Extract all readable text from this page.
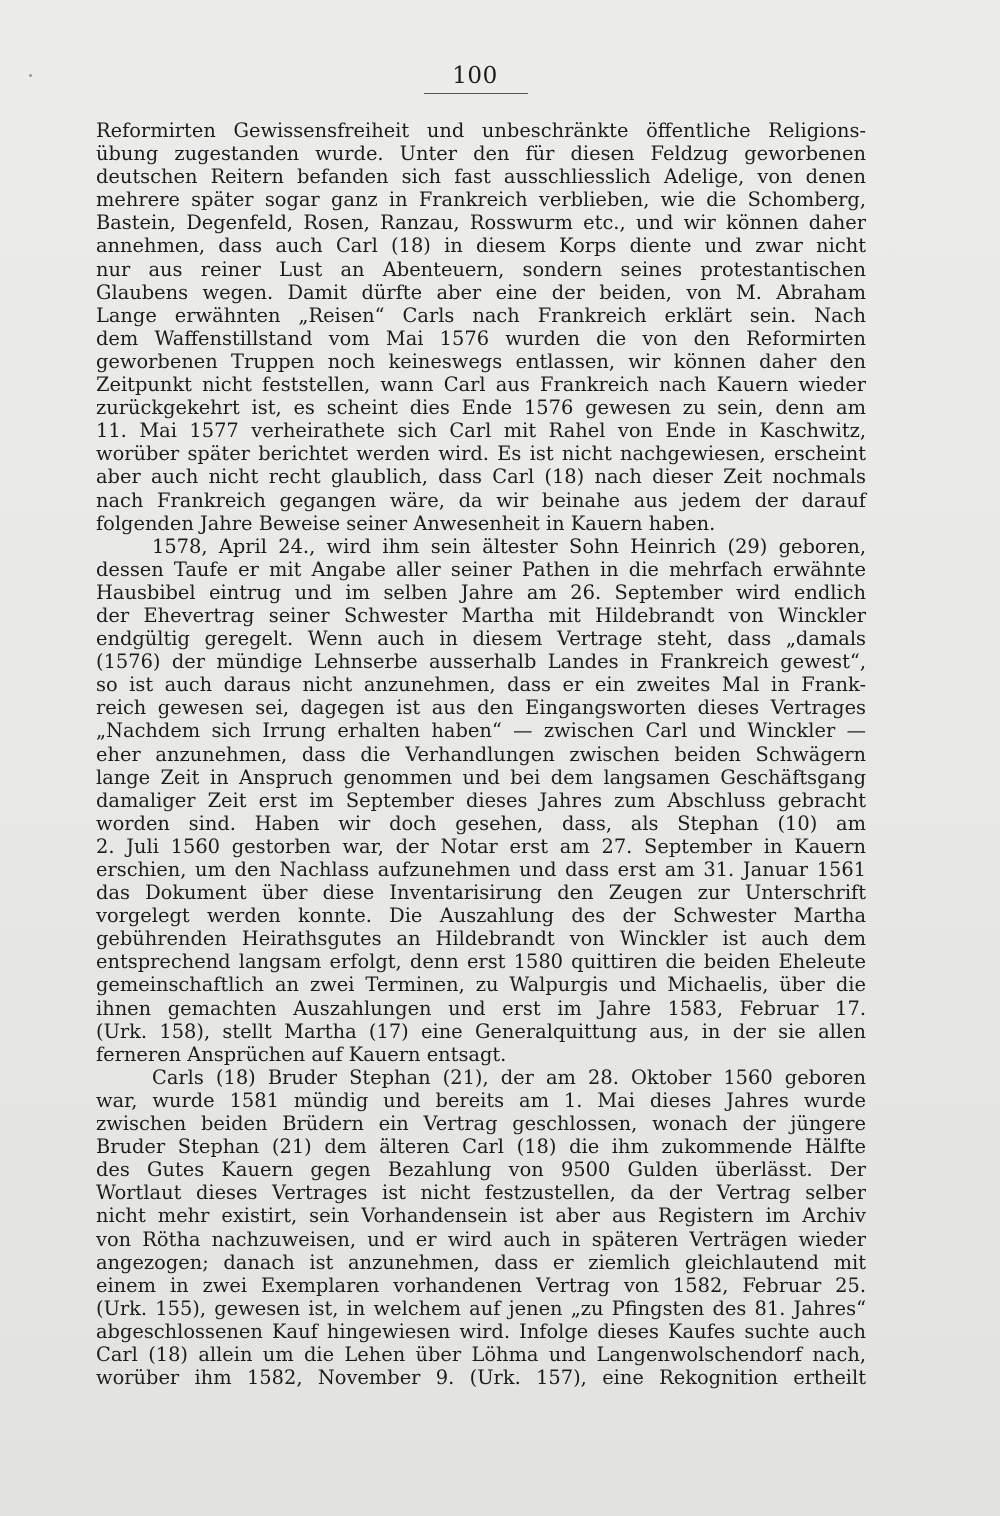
100
Reformirten Gewissensfreiheit und unbeschränkte öffentliche Religions-
übung zugestanden wurde. Unter den für diesen Feldzug geworbenen
deutschen Reitern befanden sich fast ausschliesslich Adelige, von denen
mehrere später sogar ganz in Frankreich verblieben, wie die Schomberg,
Bastein, Degenfeld, Rosen, Ranzau, Rosswurm etc., und wir können daher
annehmen, dass auch Carl (18) in diesem Korps diente und zwar nicht
nur aus reiner Lust an Abenteuern, sondern seines protestantischen
Glaubens wegen. Damit dürfte aber eine der beiden, von M. Abraham
Lange erwähnten „Reisen“ Carls nach Frankreich erklärt sein. Nach
dem Waffenstillstand vom Mai 1576 wurden die von den Reformirten
geworbenen Truppen noch keineswegs entlassen, wir können daher den
Zeitpunkt nicht feststellen, wann Carl aus Frankreich nach Kauern wieder
zurückgekehrt ist, es scheint dies Ende 1576 gewesen zu sein, denn am
11. Mai 1577 verheirathete sich Carl mit Rahel von Ende in Kaschwitz,
worüber später berichtet werden wird. Es ist nicht nachgewiesen, erscheint
aber auch nicht recht glaublich, dass Carl (18) nach dieser Zeit nochmals
nach Frankreich gegangen wäre, da wir beinahe aus jedem der darauf
folgenden Jahre Beweise seiner Anwesenheit in Kauern haben.
1578, April 24., wird ihm sein ältester Sohn Heinrich (29) geboren,
dessen Taufe er mit Angabe aller seiner Pathen in die mehrfach erwähnte
Hausbibel eintrug und im selben Jahre am 26. September wird endlich
der Ehevertrag seiner Schwester Martha mit Hildebrandt von Winckler
endgültig geregelt. Wenn auch in diesem Vertrage steht, dass „damals
(1576) der mündige Lehnserbe ausserhalb Landes in Frankreich gewest“,
so ist auch daraus nicht anzunehmen, dass er ein zweites Mal in Frank-
reich gewesen sei, dagegen ist aus den Eingangsworten dieses Vertrages
„Nachdem sich Irrung erhalten haben“ — zwischen Carl und Winckler —
eher anzunehmen, dass die Verhandlungen zwischen beiden Schwägern
lange Zeit in Anspruch genommen und bei dem langsamen Geschäftsgang
damaliger Zeit erst im September dieses Jahres zum Abschluss gebracht
worden sind. Haben wir doch gesehen, dass, als Stephan (10) am
2. Juli 1560 gestorben war, der Notar erst am 27. September in Kauern
erschien, um den Nachlass aufzunehmen und dass erst am 31. Januar 1561
das Dokument über diese Inventarisirung den Zeugen zur Unterschrift
vorgelegt werden konnte. Die Auszahlung des der Schwester Martha
gebührenden Heirathsgutes an Hildebrandt von Winckler ist auch dem
entsprechend langsam erfolgt, denn erst 1580 quittiren die beiden Eheleute
gemeinschaftlich an zwei Terminen, zu Walpurgis und Michaelis, über die
ihnen gemachten Auszahlungen und erst im Jahre 1583, Februar 17.
(Urk. 158), stellt Martha (17) eine Generalquittung aus, in der sie allen
ferneren Ansprüchen auf Kauern entsagt.
Carls (18) Bruder Stephan (21), der am 28. Oktober 1560 geboren
war, wurde 1581 mündig und bereits am 1. Mai dieses Jahres wurde
zwischen beiden Brüdern ein Vertrag geschlossen, wonach der jüngere
Bruder Stephan (21) dem älteren Carl (18) die ihm zukommende Hälfte
des Gutes Kauern gegen Bezahlung von 9500 Gulden überlässt. Der
Wortlaut dieses Vertrages ist nicht festzustellen, da der Vertrag selber
nicht mehr existirt, sein Vorhandensein ist aber aus Registern im Archiv
von Rötha nachzuweisen, und er wird auch in späteren Verträgen wieder
angezogen; danach ist anzunehmen, dass er ziemlich gleichlautend mit
einem in zwei Exemplaren vorhandenen Vertrag von 1582, Februar 25.
(Urk. 155), gewesen ist, in welchem auf jenen „zu Pfingsten des 81. Jahres“
abgeschlossenen Kauf hingewiesen wird. Infolge dieses Kaufes suchte auch
Carl (18) allein um die Lehen über Löhma und Langenwolschendorf nach,
worüber ihm 1582, November 9. (Urk. 157), eine Rekognition ertheilt
